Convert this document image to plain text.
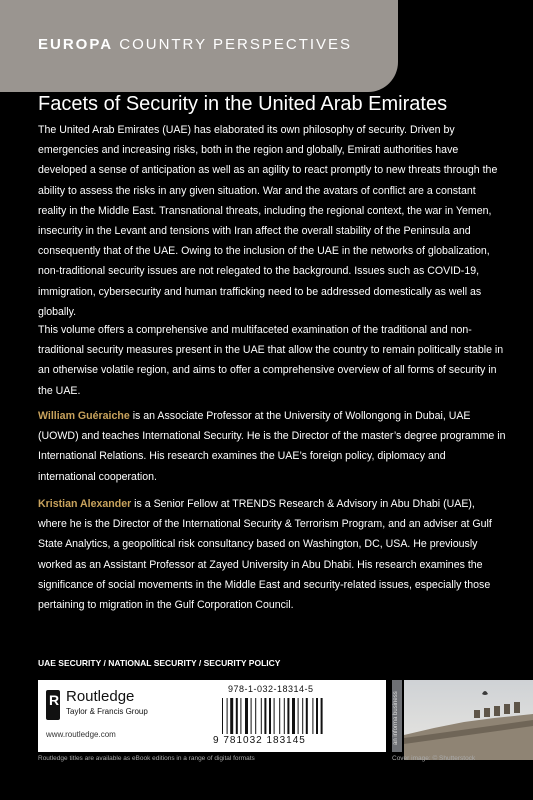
EUROPA COUNTRY PERSPECTIVES
Facets of Security in the United Arab Emirates

The United Arab Emirates (UAE) has elaborated its own philosophy of security. Driven by emergencies and increasing risks, both in the region and globally, Emirati authorities have developed a sense of anticipation as well as an agility to react promptly to new threats through the ability to assess the risks in any given situation. War and the avatars of conflict are a constant reality in the Middle East. Transnational threats, including the regional context, the war in Yemen, insecurity in the Levant and tensions with Iran affect the overall stability of the Peninsula and consequently that of the UAE. Owing to the inclusion of the UAE in the networks of globalization, non-traditional security issues are not relegated to the background. Issues such as COVID-19, immigration, cybersecurity and human trafficking need to be addressed domestically as well as globally.

This volume offers a comprehensive and multifaceted examination of the traditional and non-traditional security measures present in the UAE that allow the country to remain politically stable in an otherwise volatile region, and aims to offer a comprehensive overview of all forms of security in the UAE.

William Guéraiche is an Associate Professor at the University of Wollongong in Dubai, UAE (UOWD) and teaches International Security. He is the Director of the master’s degree programme in International Relations. His research examines the UAE’s foreign policy, diplomacy and international cooperation.

Kristian Alexander is a Senior Fellow at TRENDS Research & Advisory in Abu Dhabi (UAE), where he is the Director of the International Security & Terrorism Program, and an adviser at Gulf State Analytics, a geopolitical risk consultancy based on Washington, DC, USA. He previously worked as an Assistant Professor at Zayed University in Abu Dhabi. His research examines the significance of social movements in the Middle East and security-related issues, especially those pertaining to migration in the Gulf Corporation Council.

UAE SECURITY / NATIONAL SECURITY / SECURITY POLICY
R Routledge
Taylor & Francis Group
www.routledge.com
978-1-032-18314-5
9 781032 183145	an informa business
Routledge titles are available as eBook editions in a range of digital formats	Cover image: © Shutterstock
